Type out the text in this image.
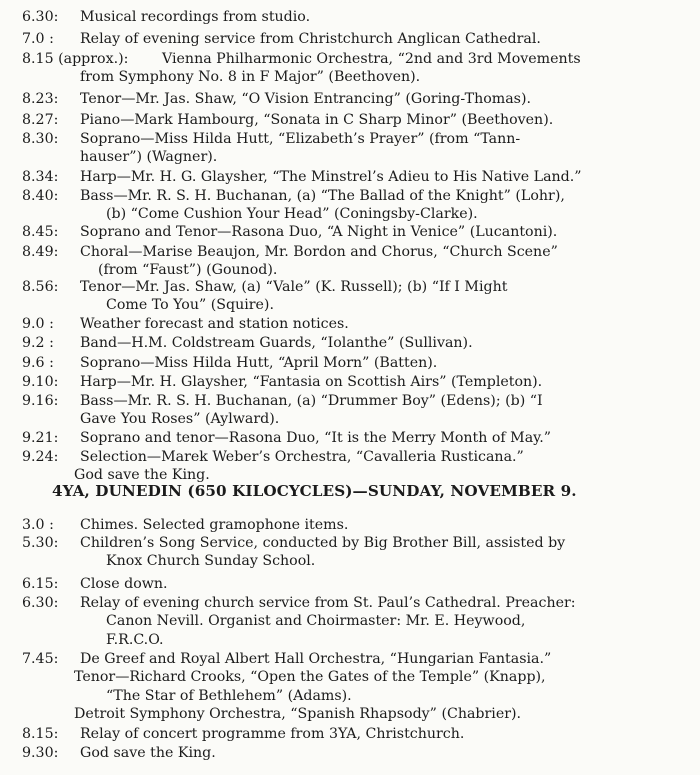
6.30: Musical recordings from studio.
7.0 : Relay of evening service from Christchurch Anglican Cathedral.
8.15 (approx.): Vienna Philharmonic Orchestra, “2nd and 3rd Movements
from Symphony No. 8 in F Major” (Beethoven).
8.23: Tenor—Mr. Jas. Shaw, “O Vision Entrancing” (Goring-Thomas).
8.27: Piano—Mark Hambourg, “Sonata in C Sharp Minor” (Beethoven).
8.30: Soprano—Miss Hilda Hutt, “Elizabeth’s Prayer” (from “Tann-
hauser”) (Wagner).
8.34: Harp—Mr. H. G. Glaysher, “The Minstrel’s Adieu to His Native Land.”
8.40: Bass—Mr. R. S. H. Buchanan, (a) “The Ballad of the Knight” (Lohr),
(b) “Come Cushion Your Head” (Coningsby-Clarke).
8.45: Soprano and Tenor—Rasona Duo, “A Night in Venice” (Lucantoni).
8.49: Choral—Marise Beaujon, Mr. Bordon and Chorus, “Church Scene”
(from “Faust”) (Gounod).
8.56: Tenor—Mr. Jas. Shaw, (a) “Vale” (K. Russell); (b) “If I Might
Come To You” (Squire).
9.0 : Weather forecast and station notices.
9.2 : Band—H.M. Coldstream Guards, “Iolanthe” (Sullivan).
9.6 : Soprano—Miss Hilda Hutt, “April Morn” (Batten).
9.10: Harp—Mr. H. Glaysher, “Fantasia on Scottish Airs” (Templeton).
9.16: Bass—Mr. R. S. H. Buchanan, (a) “Drummer Boy” (Edens); (b) “I
Gave You Roses” (Aylward).
9.21: Soprano and tenor—Rasona Duo, “It is the Merry Month of May.”
9.24: Selection—Marek Weber’s Orchestra, “Cavalleria Rusticana.”
God save the King.
4YA, DUNEDIN (650 KILOCYCLES)—SUNDAY, NOVEMBER 9.
3.0 : Chimes. Selected gramophone items.
5.30: Children’s Song Service, conducted by Big Brother Bill, assisted by
Knox Church Sunday School.
6.15: Close down.
6.30: Relay of evening church service from St. Paul’s Cathedral. Preacher:
Canon Nevill. Organist and Choirmaster: Mr. E. Heywood,
F.R.C.O.
7.45: De Greef and Royal Albert Hall Orchestra, “Hungarian Fantasia.”
Tenor—Richard Crooks, “Open the Gates of the Temple” (Knapp),
“The Star of Bethlehem” (Adams).
Detroit Symphony Orchestra, “Spanish Rhapsody” (Chabrier).
8.15: Relay of concert programme from 3YA, Christchurch.
9.30: God save the King.
